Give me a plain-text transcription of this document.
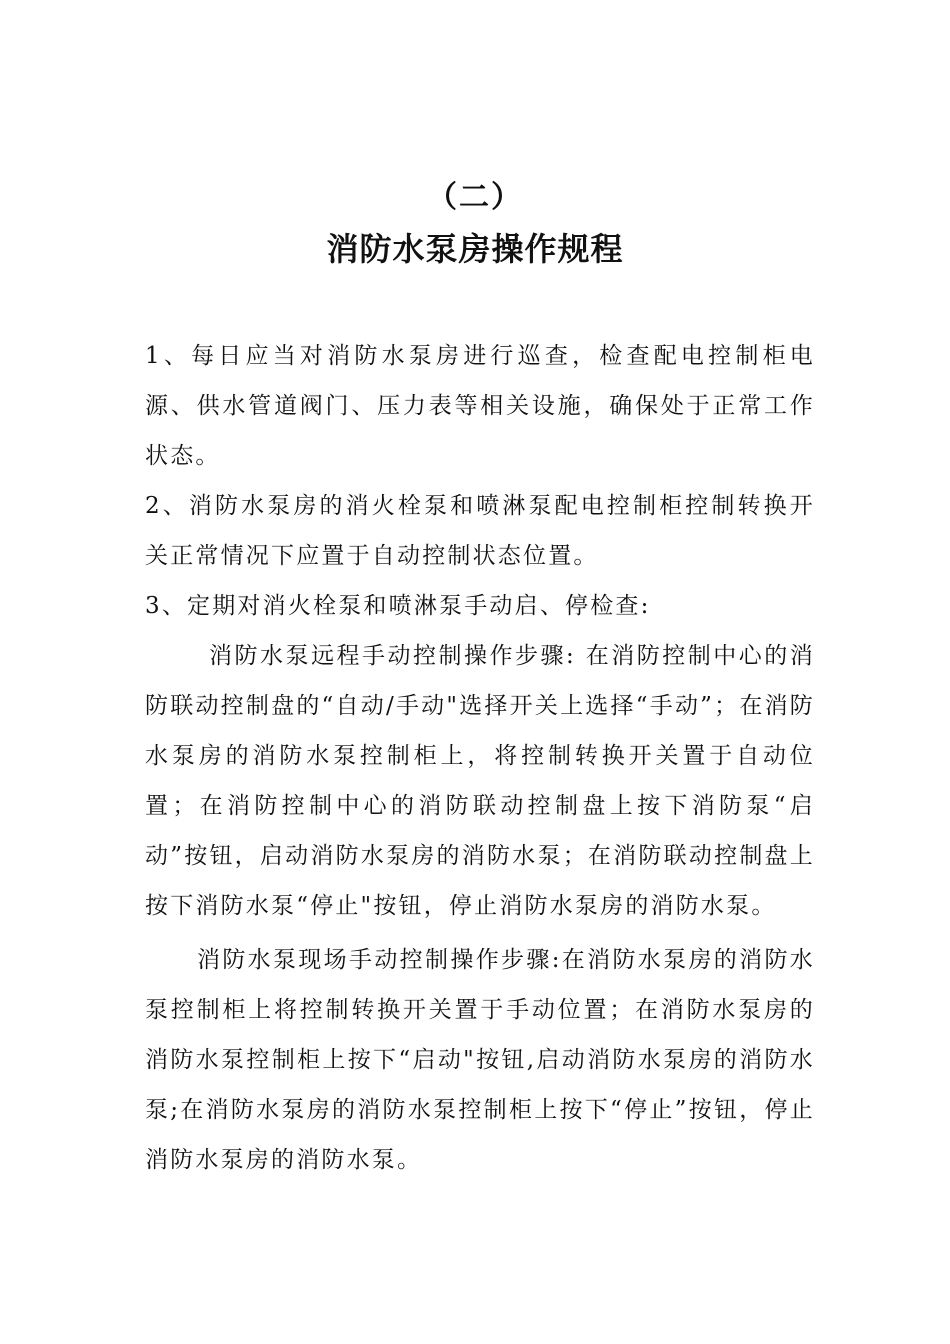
（二）
消防水泵房操作规程

1、每日应当对消防水泵房进行巡查，检查配电控制柜电源、供水管道阀门、压力表等相关设施，确保处于正常工作状态。

2、消防水泵房的消火栓泵和喷淋泵配电控制柜控制转换开关正常情况下应置于自动控制状态位置。

3、定期对消火栓泵和喷淋泵手动启、停检查:

消防水泵远程手动控制操作步骤: 在消防控制中心的消防联动控制盘的“自动/手动"选择开关上选择“手动”；在消防水泵房的消防水泵控制柜上，将控制转换开关置于自动位置；在消防控制中心的消防联动控制盘上按下消防泵“启动”按钮，启动消防水泵房的消防水泵；在消防联动控制盘上按下消防水泵“停止"按钮，停止消防水泵房的消防水泵。

消防水泵现场手动控制操作步骤:在消防水泵房的消防水泵控制柜上将控制转换开关置于手动位置；在消防水泵房的消防水泵控制柜上按下“启动"按钮,启动消防水泵房的消防水泵;在消防水泵房的消防水泵控制柜上按下“停止”按钮，停止消防水泵房的消防水泵。
